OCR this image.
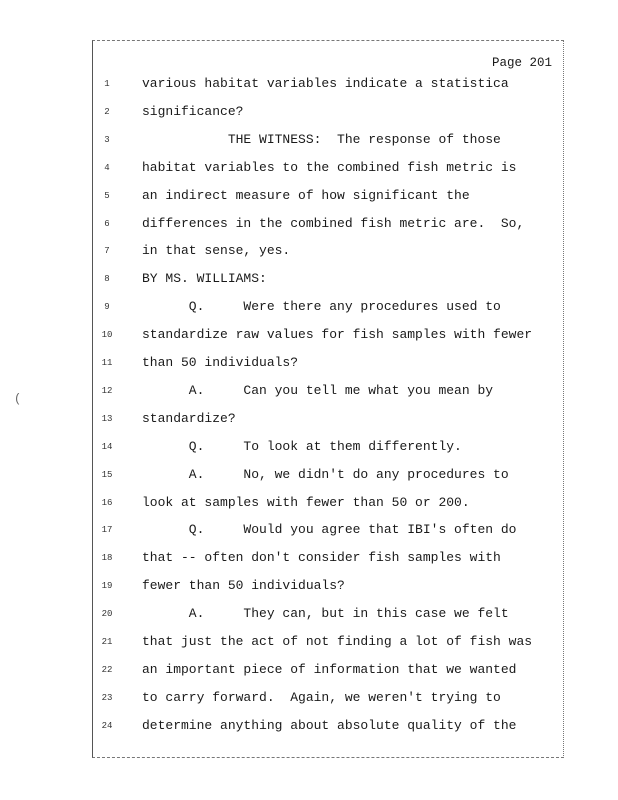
Page 201
1	various habitat variables indicate a statistica
2	significance?
3	THE WITNESS:  The response of those
4	habitat variables to the combined fish metric is
5	an indirect measure of how significant the
6	differences in the combined fish metric are.  So,
7	in that sense, yes.
8	BY MS. WILLIAMS:
9	Q.     Were there any procedures used to
10	standardize raw values for fish samples with fewer
11	than 50 individuals?
12	A.     Can you tell me what you mean by
13	standardize?
14	Q.     To look at them differently.
15	A.     No, we didn't do any procedures to
16	look at samples with fewer than 50 or 200.
17	Q.     Would you agree that IBI's often do
18	that -- often don't consider fish samples with
19	fewer than 50 individuals?
20	A.     They can, but in this case we felt
21	that just the act of not finding a lot of fish was
22	an important piece of information that we wanted
23	to carry forward.  Again, we weren't trying to
24	determine anything about absolute quality of the
(
